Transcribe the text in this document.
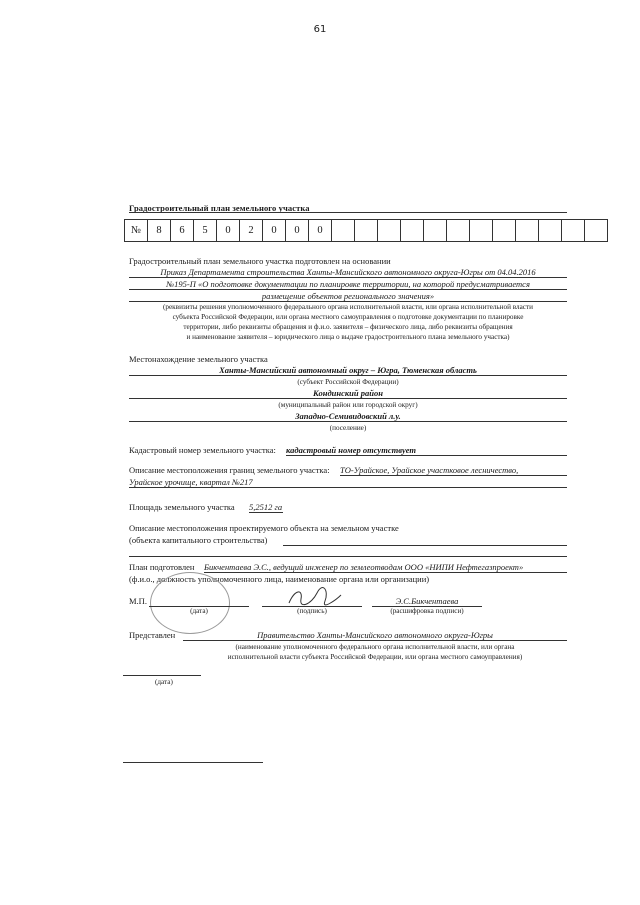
61
Градостроительный план земельного участка
№	8	6	5	0	2	0	0	0												
Градостроительный план земельного участка подготовлен на основании
Приказ Департамента строительства Ханты-Мансийского автономного округа-Югры от 04.04.2016
№195-П «О подготовке документации по планировке территории, на которой предусматривается
размещение объектов регионального значения»
(реквизиты решения уполномоченного федерального органа исполнительной власти, или органа исполнительной власти
субъекта Российской Федерации, или органа местного самоуправления о подготовке документации по планировке
территории, либо реквизиты обращения и ф.и.о. заявителя – физического лица, либо реквизиты обращения
и наименование заявителя – юридического лица о выдаче градостроительного плана земельного участка)
Местонахождение земельного участка
Ханты-Мансийский автономный округ – Югра, Тюменская область
(субъект Российской Федерации)
Кондинский район
(муниципальный район или городской округ)
Западно-Семивидовский л.у.
(поселение)
Кадастровый номер земельного участка: кадастровый номер отсутствует
Описание местоположения границ земельного участка: ТО-Урайское, Урайское участковое лесничество,
Урайское урочище, квартал №217
Площадь земельного участка 5,2512 га
Описание местоположения проектируемого объекта на земельном участке
(объекта капитального строительства)
План подготовлен Бикчентаева Э.С., ведущий инженер по землеотводам ООО «НИПИ Нефтегазпроект»
(ф.и.о., должность уполномоченного лица, наименование органа или организации)
М.П.
(дата)	(подпись)
Э.С.Бикчентаева
(расшифровка подписи)
Представлен	Правительство Ханты-Мансийского автономного округа-Югры
(наименование уполномоченного федерального органа исполнительной власти, или органа
исполнительной власти субъекта Российской Федерации, или органа местного самоуправления)
(дата)
